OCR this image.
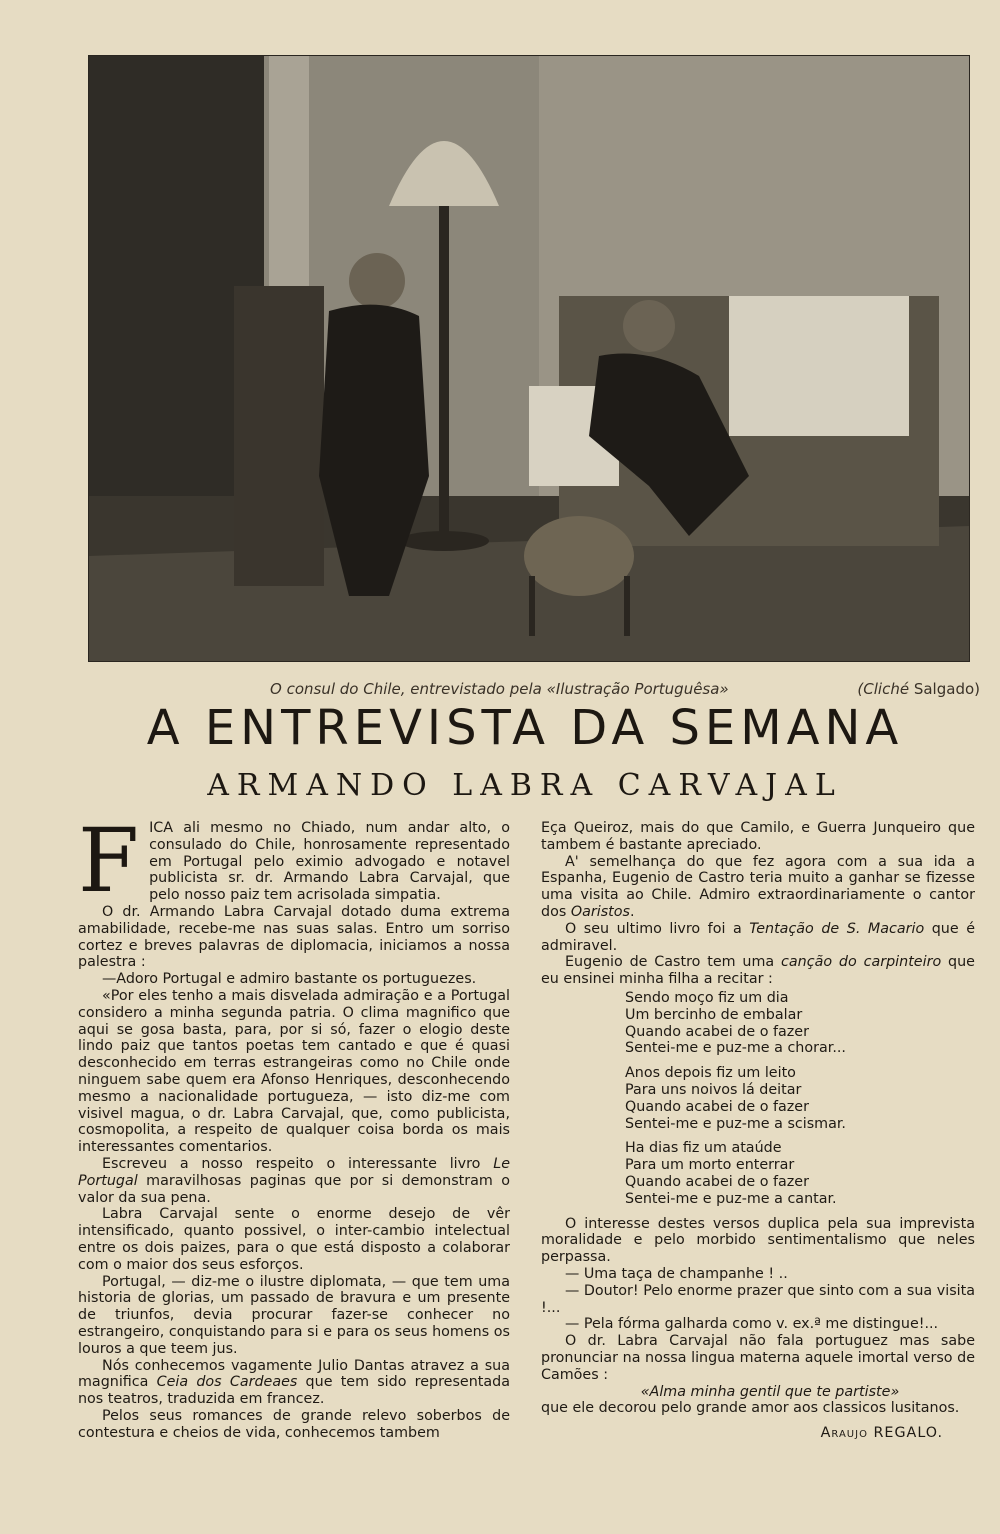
O consul do Chile, entrevistado pela «Ilustração Portuguêsa»	(Cliché Salgado)
A ENTREVISTA DA SEMANA
ARMANDO LABRA CARVAJAL
F ICA ali mesmo no Chiado, num andar alto, o consulado do Chile, honrosamente representado em Portugal pelo eximio advogado e notavel publicista sr. dr. Armando Labra Carvajal, que pelo nosso paiz tem acrisolada simpatia.

O dr. Armando Labra Carvajal dotado duma extrema amabilidade, recebe-me nas suas salas. Entro um sorriso cortez e breves palavras de diplomacia, iniciamos a nossa palestra :

—Adoro Portugal e admiro bastante os portuguezes.

«Por eles tenho a mais disvelada admiração e a Portugal considero a minha segunda patria. O clima magnifico que aqui se gosa basta, para, por si só, fazer o elogio deste lindo paiz que tantos poetas tem cantado e que é quasi desconhecido em terras estrangeiras como no Chile onde ninguem sabe quem era Afonso Henriques, desconhecendo mesmo a nacionalidade portugueza, — isto diz-me com visivel magua, o dr. Labra Carvajal, que, como publicista, cosmopolita, a respeito de qualquer coisa borda os mais interessantes comentarios.

Escreveu a nosso respeito o interessante livro Le Portugal maravilhosas paginas que por si demonstram o valor da sua pena.

Labra Carvajal sente o enorme desejo de vêr intensificado, quanto possivel, o inter-cambio intelectual entre os dois paizes, para o que está disposto a colaborar com o maior dos seus esforços.

Portugal, — diz-me o ilustre diplomata, — que tem uma historia de glorias, um passado de bravura e um presente de triunfos, devia procurar fazer-se conhecer no estrangeiro, conquistando para si e para os seus homens os louros a que teem jus.

Nós conhecemos vagamente Julio Dantas atravez a sua magnifica Ceia dos Cardeaes que tem sido representada nos teatros, traduzida em francez.

Pelos seus romances de grande relevo soberbos de contestura e cheios de vida, conhecemos tambem

Eça Queiroz, mais do que Camilo, e Guerra Junqueiro que tambem é bastante apreciado.

A' semelhança do que fez agora com a sua ida a Espanha, Eugenio de Castro teria muito a ganhar se fizesse uma visita ao Chile. Admiro extraordinariamente o cantor dos Oaristos.

O seu ultimo livro foi a Tentação de S. Macario que é admiravel.

Eugenio de Castro tem uma canção do carpinteiro que eu ensinei minha filha a recitar :

Sendo moço fiz um dia
Um bercinho de embalar
Quando acabei de o fazer
Sentei-me e puz-me a chorar...
Anos depois fiz um leito
Para uns noivos lá deitar
Quando acabei de o fazer
Sentei-me e puz-me a scismar.
Ha dias fiz um ataúde
Para um morto enterrar
Quando acabei de o fazer
Sentei-me e puz-me a cantar.

O interesse destes versos duplica pela sua imprevista moralidade e pelo morbido sentimentalismo que neles perpassa.

— Uma taça de champanhe ! ..

— Doutor! Pelo enorme prazer que sinto com a sua visita !...

— Pela fórma galharda como v. ex.ª me distingue!...

O dr. Labra Carvajal não fala portuguez mas sabe pronunciar na nossa lingua materna aquele imortal verso de Camões :

«Alma minha gentil que te partiste»

que ele decorou pelo grande amor aos classicos lusitanos.

Araujo REGALO.
